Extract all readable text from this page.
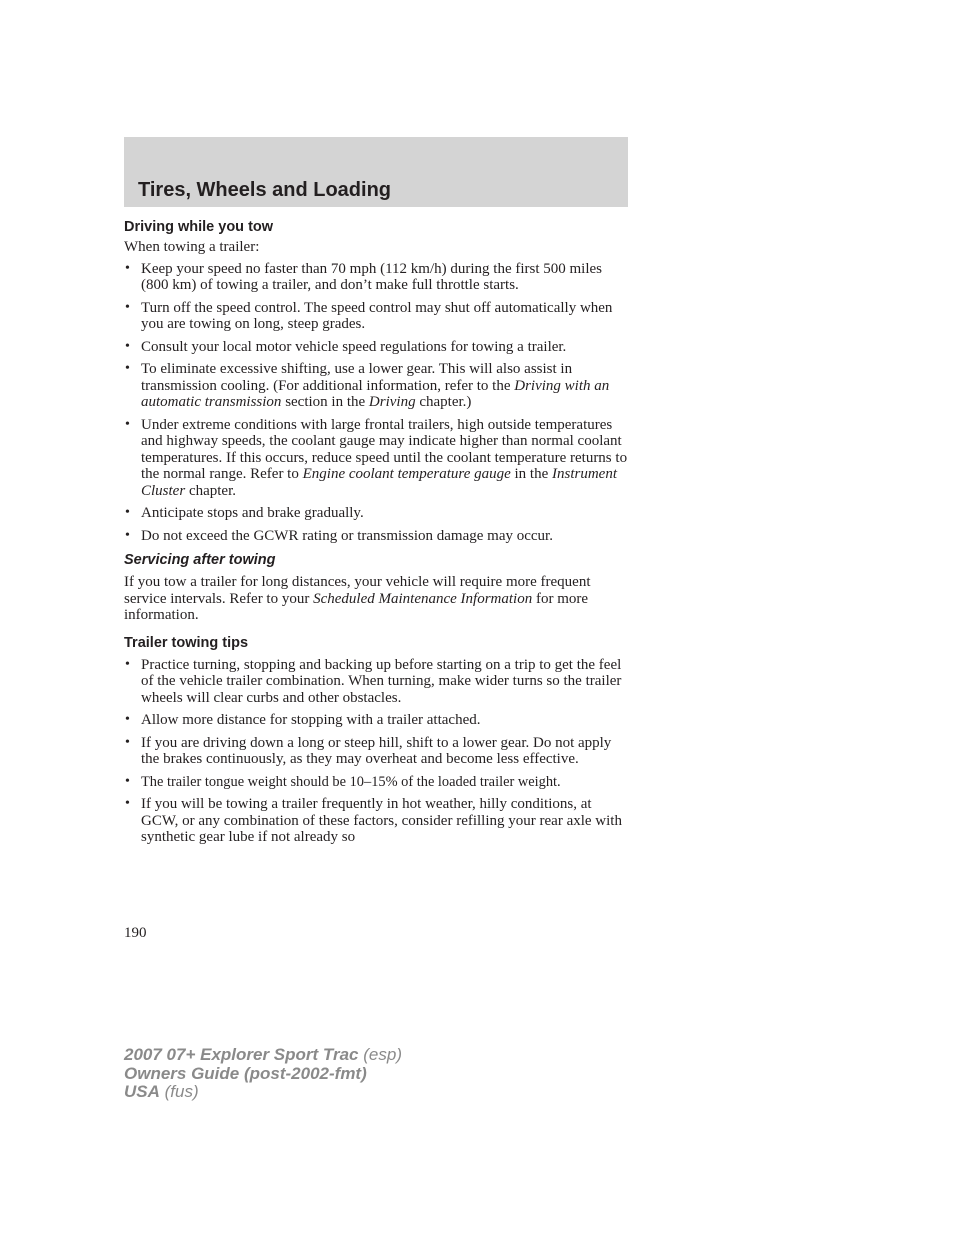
Tires, Wheels and Loading
Driving while you tow

When towing a trailer:

• Keep your speed no faster than 70 mph (112 km/h) during the first 500 miles (800 km) of towing a trailer, and don’t make full throttle starts.
• Turn off the speed control. The speed control may shut off automatically when you are towing on long, steep grades.
• Consult your local motor vehicle speed regulations for towing a trailer.
• To eliminate excessive shifting, use a lower gear. This will also assist in transmission cooling. (For additional information, refer to the Driving with an automatic transmission section in the Driving chapter.)
• Under extreme conditions with large frontal trailers, high outside temperatures and highway speeds, the coolant gauge may indicate higher than normal coolant temperatures. If this occurs, reduce speed until the coolant temperature returns to the normal range. Refer to Engine coolant temperature gauge in the Instrument Cluster chapter.
• Anticipate stops and brake gradually.
• Do not exceed the GCWR rating or transmission damage may occur.
Servicing after towing

If you tow a trailer for long distances, your vehicle will require more frequent service intervals. Refer to your Scheduled Maintenance Information for more information.

Trailer towing tips
• Practice turning, stopping and backing up before starting on a trip to get the feel of the vehicle trailer combination. When turning, make wider turns so the trailer wheels will clear curbs and other obstacles.
• Allow more distance for stopping with a trailer attached.
• If you are driving down a long or steep hill, shift to a lower gear. Do not apply the brakes continuously, as they may overheat and become less effective.
• The trailer tongue weight should be 10–15% of the loaded trailer weight.
• If you will be towing a trailer frequently in hot weather, hilly conditions, at GCW, or any combination of these factors, consider refilling your rear axle with synthetic gear lube if not already so
190
2007 07+ Explorer Sport Trac (esp)
Owners Guide (post-2002-fmt)
USA (fus)
